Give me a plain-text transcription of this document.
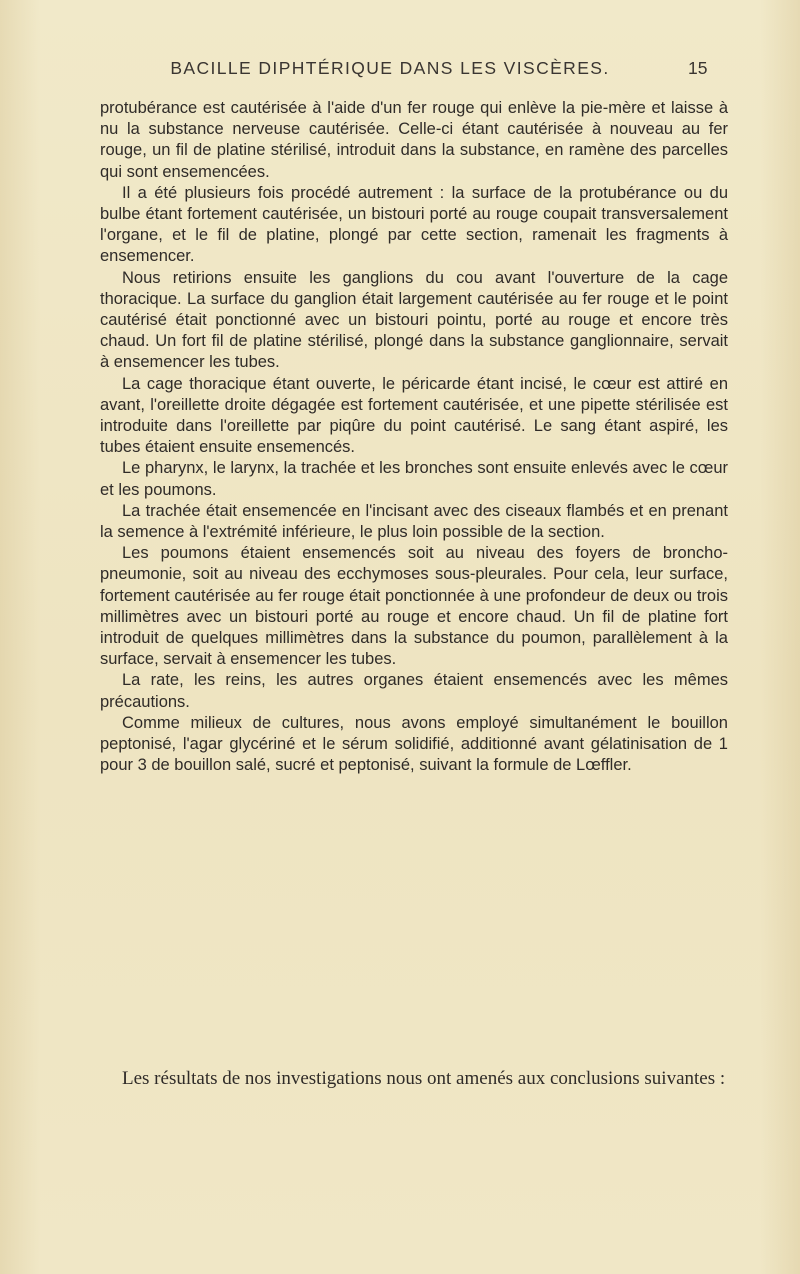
BACILLE DIPHTÉRIQUE DANS LES VISCÈRES.	15

protubérance est cautérisée à l'aide d'un fer rouge qui enlève la pie-mère et laisse à nu la substance nerveuse cautérisée. Celle-ci étant cautérisée à nouveau au fer rouge, un fil de platine stérilisé, introduit dans la substance, en ramène des parcelles qui sont ensemencées.

Il a été plusieurs fois procédé autrement : la surface de la protubérance ou du bulbe étant fortement cautérisée, un bistouri porté au rouge coupait transversalement l'organe, et le fil de platine, plongé par cette section, ramenait les fragments à ensemencer.

Nous retirions ensuite les ganglions du cou avant l'ouverture de la cage thoracique. La surface du ganglion était largement cautérisée au fer rouge et le point cautérisé était ponctionné avec un bistouri pointu, porté au rouge et encore très chaud. Un fort fil de platine stérilisé, plongé dans la substance ganglionnaire, servait à ensemencer les tubes.

La cage thoracique étant ouverte, le péricarde étant incisé, le cœur est attiré en avant, l'oreillette droite dégagée est fortement cautérisée, et une pipette stérilisée est introduite dans l'oreillette par piqûre du point cautérisé. Le sang étant aspiré, les tubes étaient ensuite ensemencés.

Le pharynx, le larynx, la trachée et les bronches sont ensuite enlevés avec le cœur et les poumons.

La trachée était ensemencée en l'incisant avec des ciseaux flambés et en prenant la semence à l'extrémité inférieure, le plus loin possible de la section.

Les poumons étaient ensemencés soit au niveau des foyers de broncho-pneumonie, soit au niveau des ecchymoses sous-pleurales. Pour cela, leur surface, fortement cautérisée au fer rouge était ponctionnée à une profondeur de deux ou trois millimètres avec un bistouri porté au rouge et encore chaud. Un fil de platine fort introduit de quelques millimètres dans la substance du poumon, parallèlement à la surface, servait à ensemencer les tubes.

La rate, les reins, les autres organes étaient ensemencés avec les mêmes précautions.

Comme milieux de cultures, nous avons employé simultanément le bouillon peptonisé, l'agar glycériné et le sérum solidifié, additionné avant gélatinisation de 1 pour 3 de bouillon salé, sucré et peptonisé, suivant la formule de Lœffler.

Les résultats de nos investigations nous ont amenés aux conclusions suivantes :
